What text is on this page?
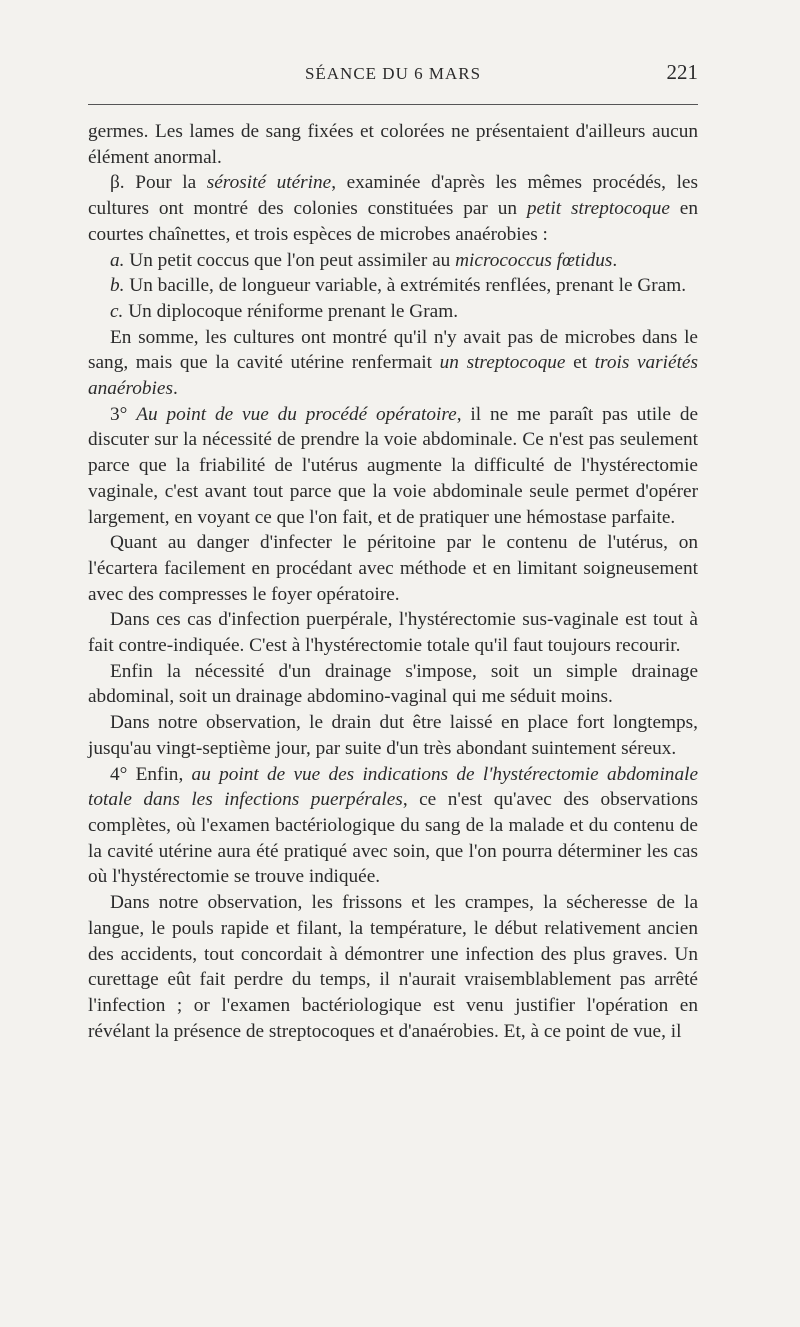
SÉANCE DU 6 MARS	221

germes. Les lames de sang fixées et colorées ne présentaient d'ailleurs aucun élément anormal.

β. Pour la sérosité utérine, examinée d'après les mêmes procédés, les cultures ont montré des colonies constituées par un petit streptocoque en courtes chaînettes, et trois espèces de microbes anaérobies :

a. Un petit coccus que l'on peut assimiler au micrococcus fœtidus.

b. Un bacille, de longueur variable, à extrémités renflées, prenant le Gram.

c. Un diplocoque réniforme prenant le Gram.

En somme, les cultures ont montré qu'il n'y avait pas de microbes dans le sang, mais que la cavité utérine renfermait un streptocoque et trois variétés anaérobies.

3° Au point de vue du procédé opératoire, il ne me paraît pas utile de discuter sur la nécessité de prendre la voie abdominale. Ce n'est pas seulement parce que la friabilité de l'utérus augmente la difficulté de l'hystérectomie vaginale, c'est avant tout parce que la voie abdominale seule permet d'opérer largement, en voyant ce que l'on fait, et de pratiquer une hémostase parfaite.

Quant au danger d'infecter le péritoine par le contenu de l'utérus, on l'écartera facilement en procédant avec méthode et en limitant soigneusement avec des compresses le foyer opératoire.

Dans ces cas d'infection puerpérale, l'hystérectomie sus-vaginale est tout à fait contre-indiquée. C'est à l'hystérectomie totale qu'il faut toujours recourir.

Enfin la nécessité d'un drainage s'impose, soit un simple drainage abdominal, soit un drainage abdomino-vaginal qui me séduit moins.

Dans notre observation, le drain dut être laissé en place fort longtemps, jusqu'au vingt-septième jour, par suite d'un très abondant suintement séreux.

4° Enfin, au point de vue des indications de l'hystérectomie abdominale totale dans les infections puerpérales, ce n'est qu'avec des observations complètes, où l'examen bactériologique du sang de la malade et du contenu de la cavité utérine aura été pratiqué avec soin, que l'on pourra déterminer les cas où l'hystérectomie se trouve indiquée.

Dans notre observation, les frissons et les crampes, la sécheresse de la langue, le pouls rapide et filant, la température, le début relativement ancien des accidents, tout concordait à démontrer une infection des plus graves. Un curettage eût fait perdre du temps, il n'aurait vraisemblablement pas arrêté l'infection ; or l'examen bactériologique est venu justifier l'opération en révélant la présence de streptocoques et d'anaérobies. Et, à ce point de vue, il
